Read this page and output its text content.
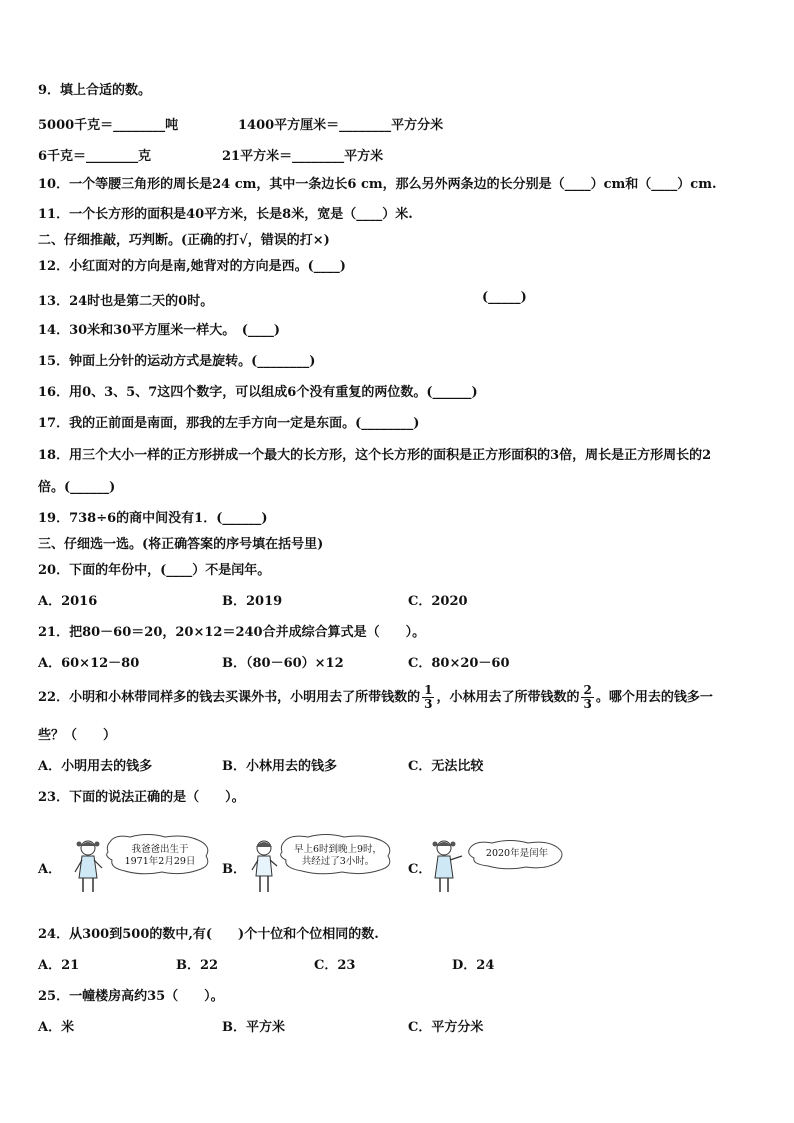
9．填上合适的数。
5000千克＝________吨	1400平方厘米＝________平方分米
6千克＝________克	21平方米＝________平方米
10．一个等腰三角形的周长是24 cm，其中一条边长6 cm，那么另外两条边的长分别是（____）cm和（____）cm.
11．一个长方形的面积是40平方米，长是8米，宽是（____）米.
二、仔细推敲，巧判断。(正确的打√，错误的打×)
12．小红面对的方向是南,她背对的方向是西。(____)
13．24时也是第二天的0时。	(_____)
14．30米和30平方厘米一样大。　(____)
15．钟面上分针的运动方式是旋转。(________)
16．用0、3、5、7这四个数字，可以组成6个没有重复的两位数。(______)
17．我的正前面是南面，那我的左手方向一定是东面。(________)
18．用三个大小一样的正方形拼成一个最大的长方形，这个长方形的面积是正方形面积的3倍，周长是正方形周长的2
倍。(______)
19．738÷6的商中间没有1．(______)
三、仔细选一选。(将正确答案的序号填在括号里)
20．下面的年份中，(____）不是闰年。
A．2016	B．2019	C．2020
21．把80－60＝20，20×12＝240合并成综合算式是（　　）。
A．60×12－80	B．（80－60）×12	C．80×20－60
22．小明和小林带同样多的钱去买课外书，小明用去了所带钱数的 $\frac{1}{3}$ ，小林用去了所带钱数的 $\frac{2}{3}$ 。哪个用去的钱多一
些？（　　）
A．小明用去的钱多	B．小林用去的钱多	C．无法比较
23．下面的说法正确的是（　　）。
A．	B．	C．
我爸爸出生于
1971年2月29日
早上6时到晚上9时，
共经过了3小时。
2020年是闰年
24．从300到500的数中,有(　　)个十位和个位相同的数.
A．21	B．22	C．23	D．24
25．一幢楼房高约35（　　）。
A．米	B．平方米	C．平方分米
